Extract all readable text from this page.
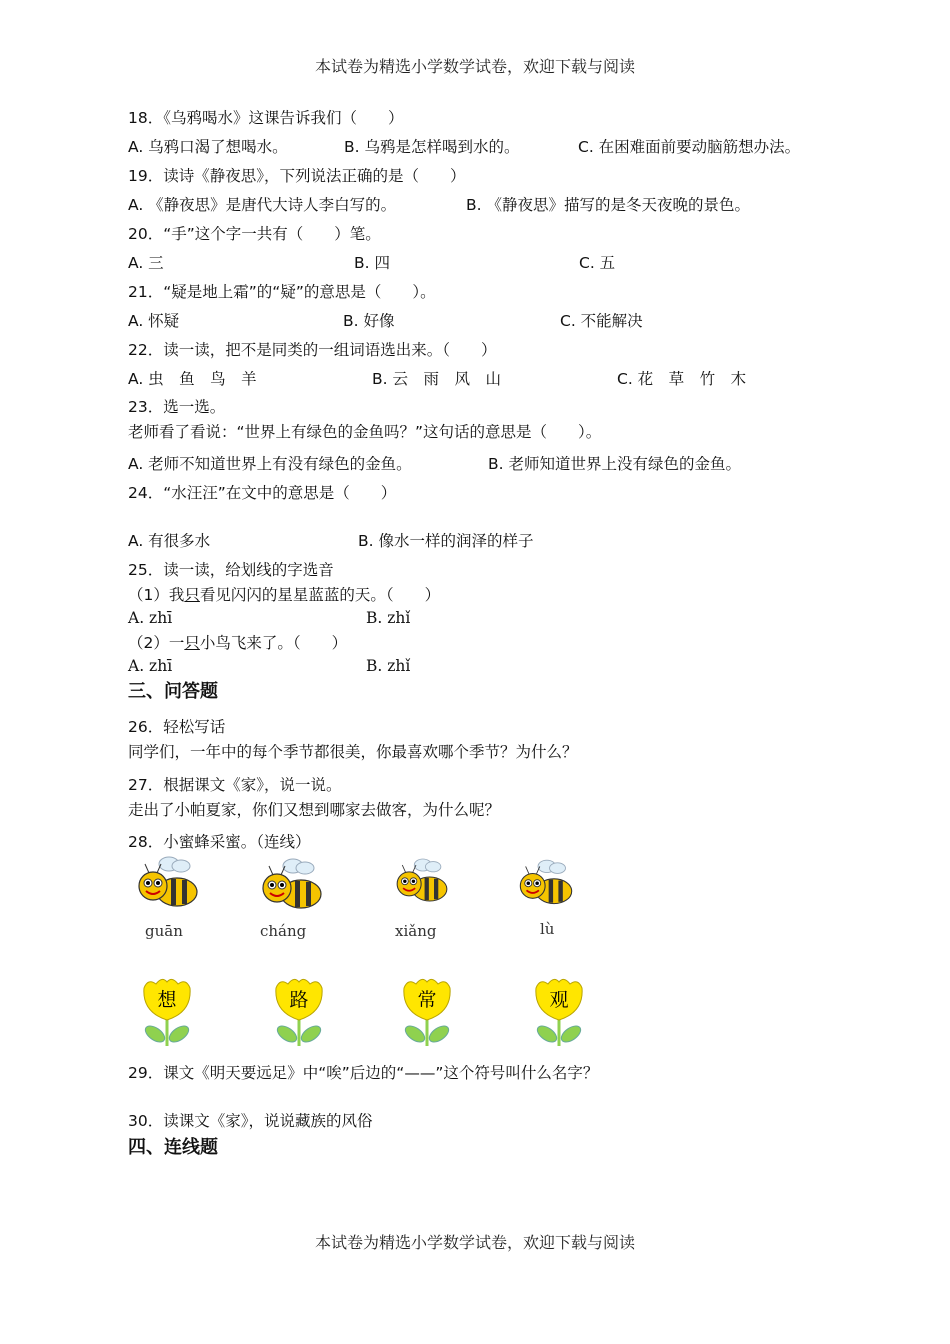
本试卷为精选小学数学试卷，欢迎下载与阅读
18．《乌鸦喝水》这课告诉我们（　　）
A. 乌鸦口渴了想喝水。	B. 乌鸦是怎样喝到水的。	C. 在困难面前要动脑筋想办法。
19．读诗《静夜思》，下列说法正确的是（　　）
A. 《静夜思》是唐代大诗人李白写的。	B. 《静夜思》描写的是冬天夜晚的景色。
20．“手”这个字一共有（　　）笔。
A. 三	B. 四	C. 五
21．“疑是地上霜”的“疑”的意思是（　　）。
A. 怀疑	B. 好像	C. 不能解决
22．读一读，把不是同类的一组词语选出来。（　　）
A. 虫　鱼　鸟　羊	B. 云　雨　风　山	C. 花　草　竹　木
23．选一选。
老师看了看说：“世界上有绿色的金鱼吗？”这句话的意思是（　　）。
A. 老师不知道世界上有没有绿色的金鱼。	B. 老师知道世界上没有绿色的金鱼。
24．“水汪汪”在文中的意思是（　　）
A. 有很多水	B. 像水一样的润泽的样子
25．读一读，给划线的字选音
（1）我只看见闪闪的星星蓝蓝的天。（　　）
A. zhī	B. zhǐ
（2）一只小鸟飞来了。（　　）
A. zhī	B. zhǐ
三、问答题
26．轻松写话
同学们，一年中的每个季节都很美，你最喜欢哪个季节？为什么？
27．根据课文《家》，说一说。
走出了小帕夏家，你们又想到哪家去做客，为什么呢？
28．小蜜蜂采蜜。（连线）
guān	cháng	xiǎng	lù
想	路	常	观
29．课文《明天要远足》中“唉”后边的“——”这个符号叫什么名字？
30．读课文《家》，说说藏族的风俗
四、连线题
本试卷为精选小学数学试卷，欢迎下载与阅读
